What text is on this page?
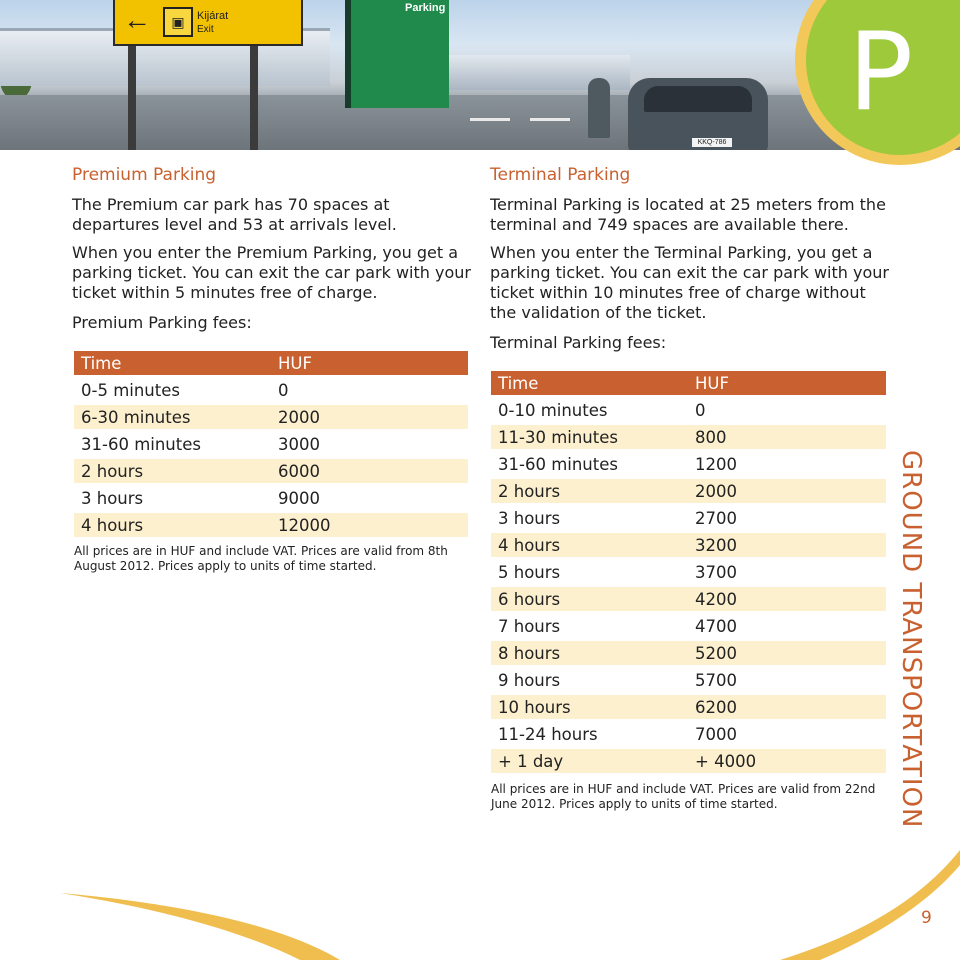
←	▣	Kijárat
Exit
Parking
KKQ-786
P
Premium Parking

The Premium car park has 70 spaces at departures level and 53 at arrivals level.

When you enter the Premium Parking, you get a parking ticket. You can exit the car park with your ticket within 5 minutes free of charge.

Premium Parking fees:

Time	HUF
0-5 minutes	0
6-30 minutes	2000
31-60 minutes	3000
2 hours	6000
3 hours	9000
4 hours	12000

All prices are in HUF and include VAT. Prices are valid from 8th August 2012. Prices apply to units of time started.

Terminal Parking

Terminal Parking is located at 25 meters from the terminal and 749 spaces are available there.

When you enter the Terminal Parking, you get a parking ticket. You can exit the car park with your ticket within 10 minutes free of charge without the validation of the ticket.

Terminal Parking fees:

Time	HUF
0-10 minutes	0
11-30 minutes	800
31-60 minutes	1200
2 hours	2000
3 hours	2700
4 hours	3200
5 hours	3700
6 hours	4200
7 hours	4700
8 hours	5200
9 hours	5700
10 hours	6200
11-24 hours	7000
+ 1 day	+ 4000

All prices are in HUF and include VAT. Prices are valid from 22nd June 2012. Prices apply to units of time started.	GROUND TRANSPORTATION
9
